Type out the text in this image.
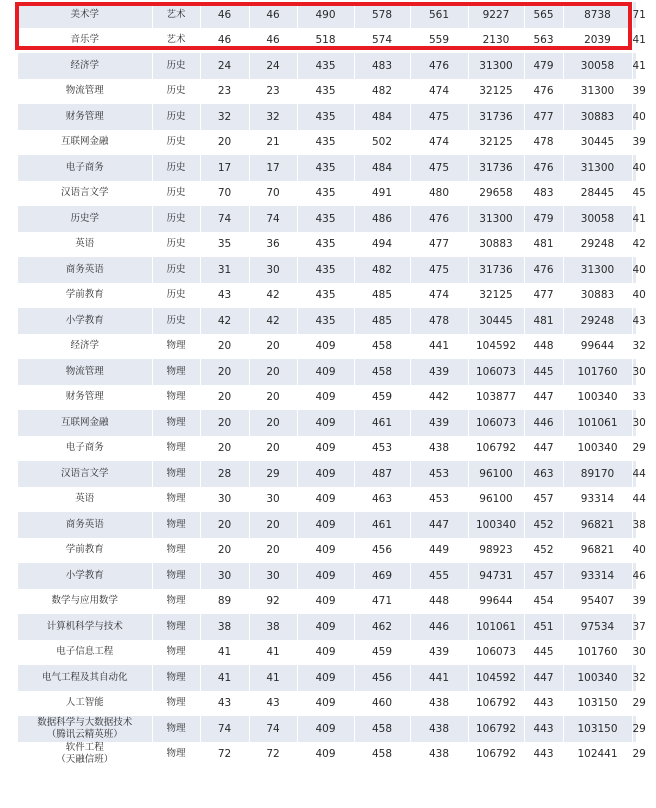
美术学	艺术	46	46	490	578	561	9227	565	8738	71
音乐学	艺术	46	46	518	574	559	2130	563	2039	41
经济学	历史	24	24	435	483	476	31300	479	30058	41
物流管理	历史	23	23	435	482	474	32125	476	31300	39
财务管理	历史	32	32	435	484	475	31736	477	30883	40
互联网金融	历史	20	21	435	502	474	32125	478	30445	39
电子商务	历史	17	17	435	484	475	31736	476	31300	40
汉语言文学	历史	70	70	435	491	480	29658	483	28445	45
历史学	历史	74	74	435	486	476	31300	479	30058	41
英语	历史	35	36	435	494	477	30883	481	29248	42
商务英语	历史	31	30	435	482	475	31736	476	31300	40
学前教育	历史	43	42	435	485	474	32125	477	30883	40
小学教育	历史	42	42	435	485	478	30445	481	29248	43
经济学	物理	20	20	409	458	441	104592	448	99644	32
物流管理	物理	20	20	409	458	439	106073	445	101760	30
财务管理	物理	20	20	409	459	442	103877	447	100340	33
互联网金融	物理	20	20	409	461	439	106073	446	101061	30
电子商务	物理	20	20	409	453	438	106792	447	100340	29
汉语言文学	物理	28	29	409	487	453	96100	463	89170	44
英语	物理	30	30	409	463	453	96100	457	93314	44
商务英语	物理	20	20	409	461	447	100340	452	96821	38
学前教育	物理	20	20	409	456	449	98923	452	96821	40
小学教育	物理	30	30	409	469	455	94731	457	93314	46
数学与应用数学	物理	89	92	409	471	448	99644	454	95407	39
计算机科学与技术	物理	38	38	409	462	446	101061	451	97534	37
电子信息工程	物理	41	41	409	459	439	106073	445	101760	30
电气工程及其自动化	物理	41	41	409	456	441	104592	447	100340	32
人工智能	物理	43	43	409	460	438	106792	443	103150	29

数据科学与大数据技术
（腾讯云精英班）	物理	74	74	409	458	438	106792	443	103150	29

软件工程
（天融信班）	物理	72	72	409	458	438	106792	443	102441	29
